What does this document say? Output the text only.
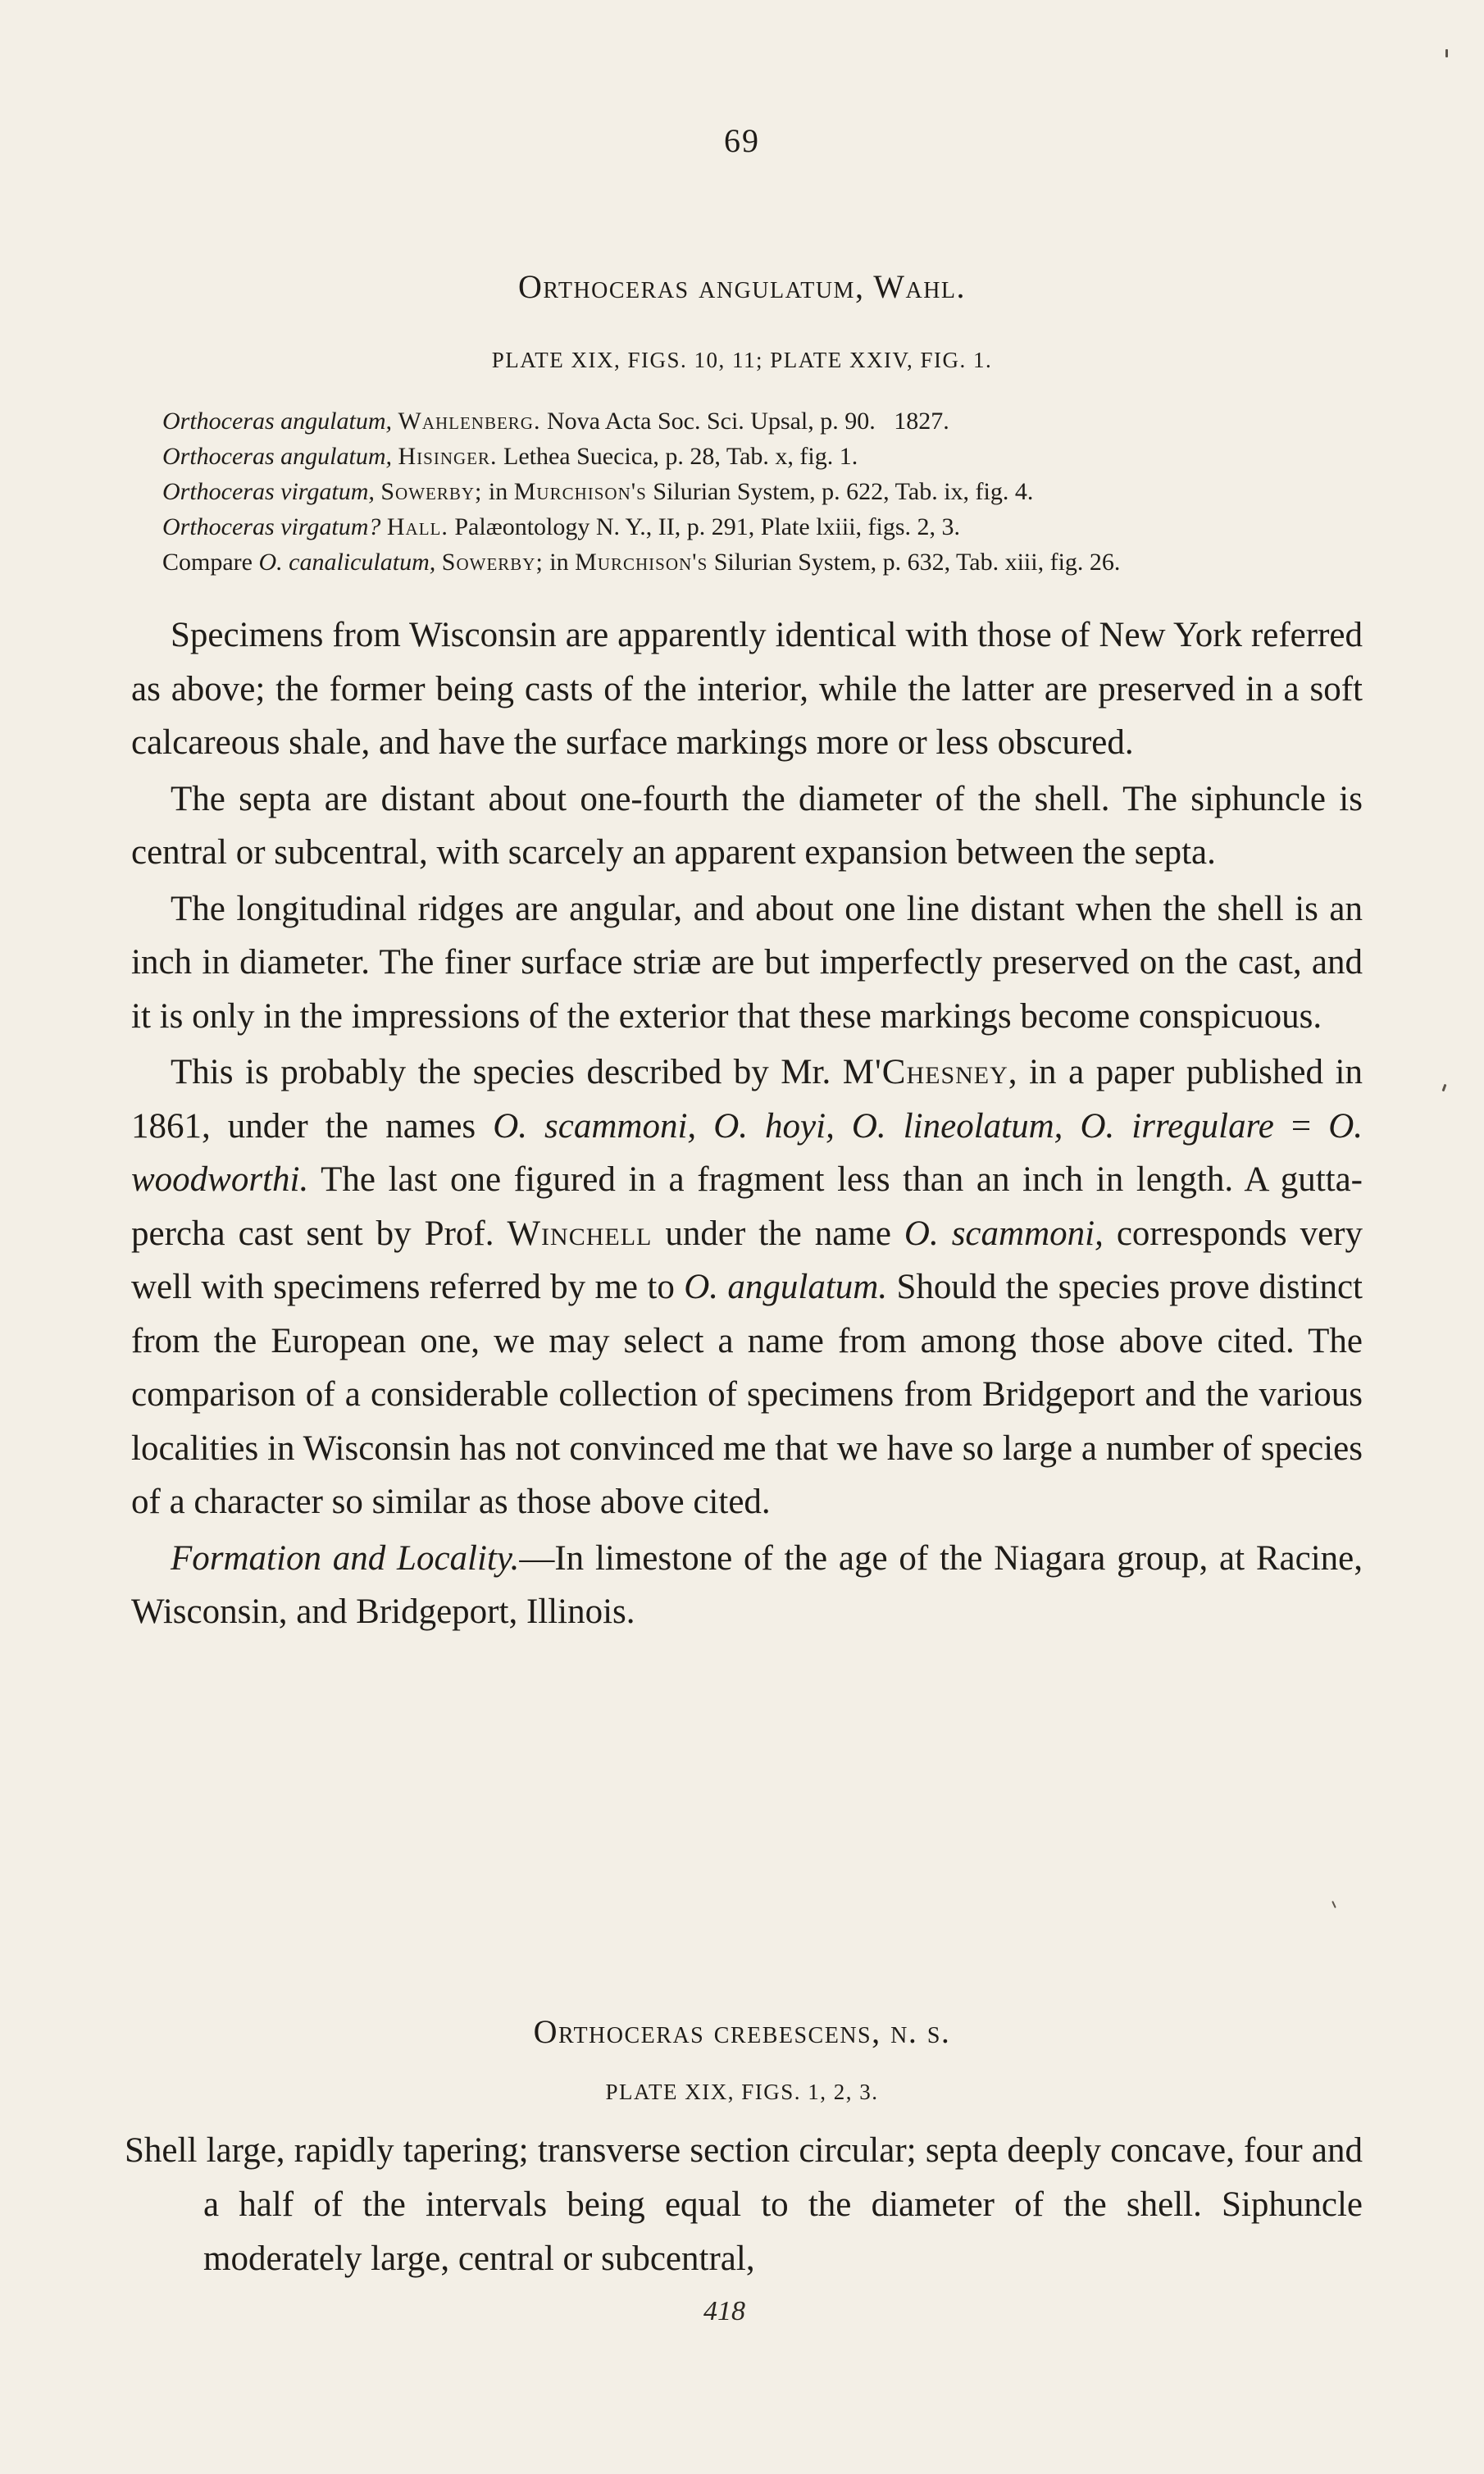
69
Orthoceras angulatum, Wahl.
PLATE XIX, FIGS. 10, 11; PLATE XXIV, FIG. 1.
Orthoceras angulatum, Wahlenberg. Nova Acta Soc. Sci. Upsal, p. 90.   1827.
Orthoceras angulatum, Hisinger. Lethea Suecica, p. 28, Tab. x, fig. 1.
Orthoceras virgatum, Sowerby; in Murchison's Silurian System, p. 622, Tab. ix, fig. 4.
Orthoceras virgatum? Hall. Palæontology N. Y., II, p. 291, Plate lxiii, figs. 2, 3.
Compare O. canaliculatum, Sowerby; in Murchison's Silurian System, p. 632, Tab. xiii, fig. 26.

Specimens from Wisconsin are apparently identical with those of New York referred as above; the former being casts of the interior, while the latter are preserved in a soft calcareous shale, and have the surface markings more or less obscured.

The septa are distant about one-fourth the diameter of the shell. The siphuncle is central or subcentral, with scarcely an apparent expansion between the septa.

The longitudinal ridges are angular, and about one line distant when the shell is an inch in diameter. The finer surface striæ are but imperfectly preserved on the cast, and it is only in the impressions of the exterior that these markings become conspicuous.

This is probably the species described by Mr. M'Chesney, in a paper published in 1861, under the names O. scammoni, O. hoyi, O. lineolatum, O. irregulare = O. woodworthi. The last one figured in a fragment less than an inch in length. A gutta-percha cast sent by Prof. Winchell under the name O. scammoni, corresponds very well with specimens referred by me to O. angulatum. Should the species prove distinct from the European one, we may select a name from among those above cited. The comparison of a considerable collection of specimens from Bridgeport and the various localities in Wisconsin has not convinced me that we have so large a number of species of a character so similar as those above cited.

Formation and Locality.—In limestone of the age of the Niagara group, at Racine, Wisconsin, and Bridgeport, Illinois.

Orthoceras crebescens, n. s.
PLATE XIX, FIGS. 1, 2, 3.

Shell large, rapidly tapering; transverse section circular; septa deeply concave, four and a half of the intervals being equal to the diameter of the shell. Siphuncle moderately large, central or subcentral,

418
